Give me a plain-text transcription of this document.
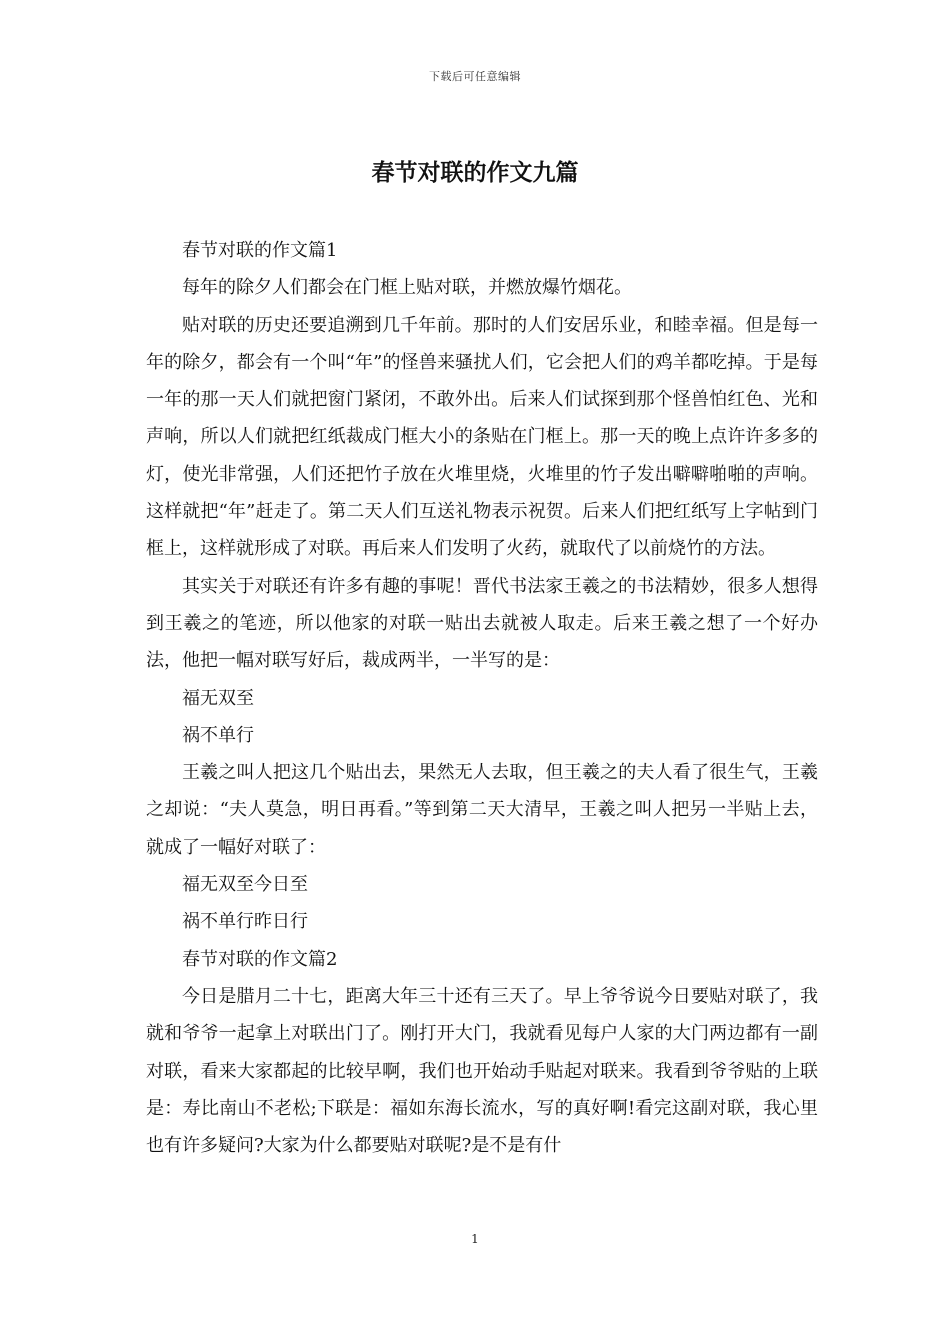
下载后可任意编辑
春节对联的作文九篇

春节对联的作文篇1

每年的除夕人们都会在门框上贴对联，并燃放爆竹烟花。

贴对联的历史还要追溯到几千年前。那时的人们安居乐业，和睦幸福。但是每一年的除夕，都会有一个叫“年”的怪兽来骚扰人们，它会把人们的鸡羊都吃掉。于是每一年的那一天人们就把窗门紧闭，不敢外出。后来人们试探到那个怪兽怕红色、光和声响，所以人们就把红纸裁成门框大小的条贴在门框上。那一天的晚上点许许多多的灯，使光非常强，人们还把竹子放在火堆里烧，火堆里的竹子发出噼噼啪啪的声响。这样就把“年”赶走了。第二天人们互送礼物表示祝贺。后来人们把红纸写上字帖到门框上，这样就形成了对联。再后来人们发明了火药，就取代了以前烧竹的方法。

其实关于对联还有许多有趣的事呢！晋代书法家王羲之的书法精妙，很多人想得到王羲之的笔迹，所以他家的对联一贴出去就被人取走。后来王羲之想了一个好办法，他把一幅对联写好后，裁成两半，一半写的是：

福无双至

祸不单行

王羲之叫人把这几个贴出去，果然无人去取，但王羲之的夫人看了很生气，王羲之却说：“夫人莫急，明日再看。”等到第二天大清早，王羲之叫人把另一半贴上去，就成了一幅好对联了：

福无双至今日至

祸不单行昨日行

春节对联的作文篇2

今日是腊月二十七，距离大年三十还有三天了。早上爷爷说今日要贴对联了，我就和爷爷一起拿上对联出门了。刚打开大门，我就看见每户人家的大门两边都有一副对联，看来大家都起的比较早啊，我们也开始动手贴起对联来。我看到爷爷贴的上联是：寿比南山不老松;下联是：福如东海长流水，写的真好啊!看完这副对联，我心里也有许多疑问?大家为什么都要贴对联呢?是不是有什

1
